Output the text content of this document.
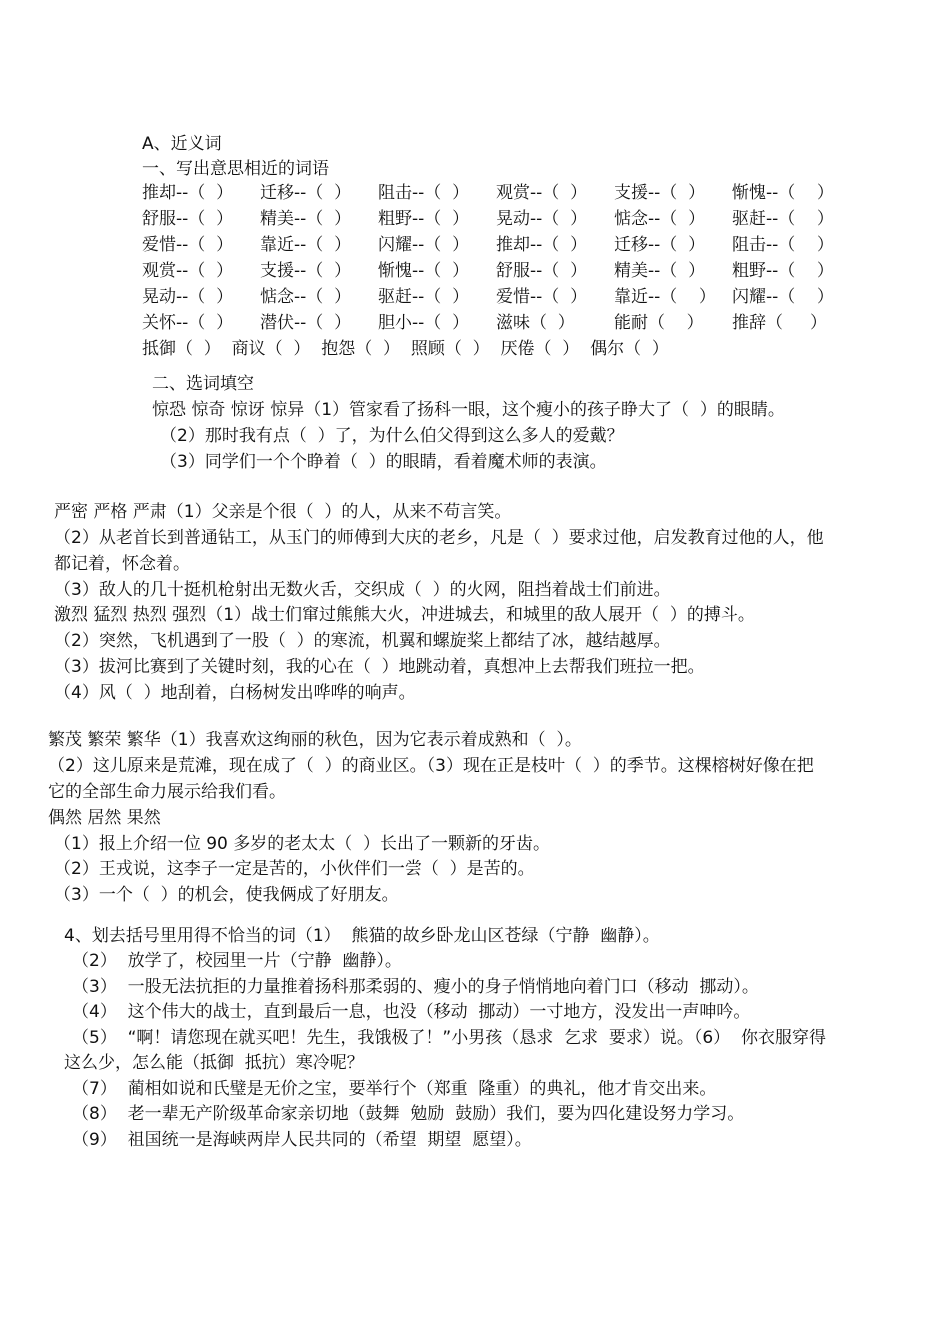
A、近义词
一、写出意思相近的词语
推却--（  ） 迁移--（  ） 阻击--（  ） 观赏--（  ） 支援--（  ） 惭愧--（    ）
舒服--（  ） 精美--（  ） 粗野--（  ） 晃动--（  ） 惦念--（  ） 驱赶--（    ）
爱惜--（  ） 靠近--（  ） 闪耀--（  ） 推却--（  ） 迁移--（  ） 阻击--（    ）
观赏--（  ） 支援--（  ） 惭愧--（  ） 舒服--（  ） 精美--（  ） 粗野--（    ）
晃动--（  ） 惦念--（  ） 驱赶--（  ） 爱惜--（  ） 靠近--（    ） 闪耀--（    ）
关怀--（  ） 潜伏--（  ） 胆小--（  ） 滋味（  ） 能耐（    ） 推辞（     ）
抵御（  ）  商议（  ）  抱怨（  ）  照顾（  ）  厌倦（  ）  偶尔（  ）
二、选词填空
惊恐 惊奇 惊讶 惊异（1）管家看了扬科一眼，这个瘦小的孩子睁大了（  ）的眼睛。
（2）那时我有点（  ）了，为什么伯父得到这么多人的爱戴？
（3）同学们一个个睁着（  ）的眼睛，看着魔术师的表演。
严密 严格 严肃（1）父亲是个很（  ）的人，从来不苟言笑。
（2）从老首长到普通钻工，从玉门的师傅到大庆的老乡，凡是（  ）要求过他，启发教育过他的人，他
都记着，怀念着。
（3）敌人的几十挺机枪射出无数火舌，交织成（  ）的火网，阻挡着战士们前进。
激烈 猛烈 热烈 强烈（1）战士们窜过熊熊大火，冲进城去，和城里的敌人展开（  ）的搏斗。
（2）突然，飞机遇到了一股（  ）的寒流，机翼和螺旋桨上都结了冰，越结越厚。
（3）拔河比赛到了关键时刻，我的心在（  ）地跳动着，真想冲上去帮我们班拉一把。
（4）风（  ）地刮着，白杨树发出哗哗的响声。
繁茂 繁荣 繁华（1）我喜欢这绚丽的秋色，因为它表示着成熟和（  ）。
（2）这儿原来是荒滩，现在成了（  ）的商业区。（3）现在正是枝叶（  ）的季节。这棵榕树好像在把
它的全部生命力展示给我们看。
偶然 居然 果然
（1）报上介绍一位 90 多岁的老太太（  ）长出了一颗新的牙齿。
（2）王戎说，这李子一定是苦的，小伙伴们一尝（  ）是苦的。
（3）一个（  ）的机会，使我俩成了好朋友。
4、划去括号里用得不恰当的词（1）  熊猫的故乡卧龙山区苍绿（宁静  幽静）。
（2）  放学了，校园里一片（宁静  幽静）。
（3）  一股无法抗拒的力量推着扬科那柔弱的、瘦小的身子悄悄地向着门口（移动  挪动）。
（4）  这个伟大的战士，直到最后一息，也没（移动  挪动）一寸地方，没发出一声呻吟。
（5）  “啊！请您现在就买吧！先生，我饿极了！”小男孩（恳求  乞求  要求）说。（6）  你衣服穿得
这么少，怎么能（抵御  抵抗）寒冷呢？
（7）  蔺相如说和氏璧是无价之宝，要举行个（郑重  隆重）的典礼，他才肯交出来。
（8）  老一辈无产阶级革命家亲切地（鼓舞  勉励  鼓励）我们，要为四化建设努力学习。
（9）  祖国统一是海峡两岸人民共同的（希望  期望  愿望）。
